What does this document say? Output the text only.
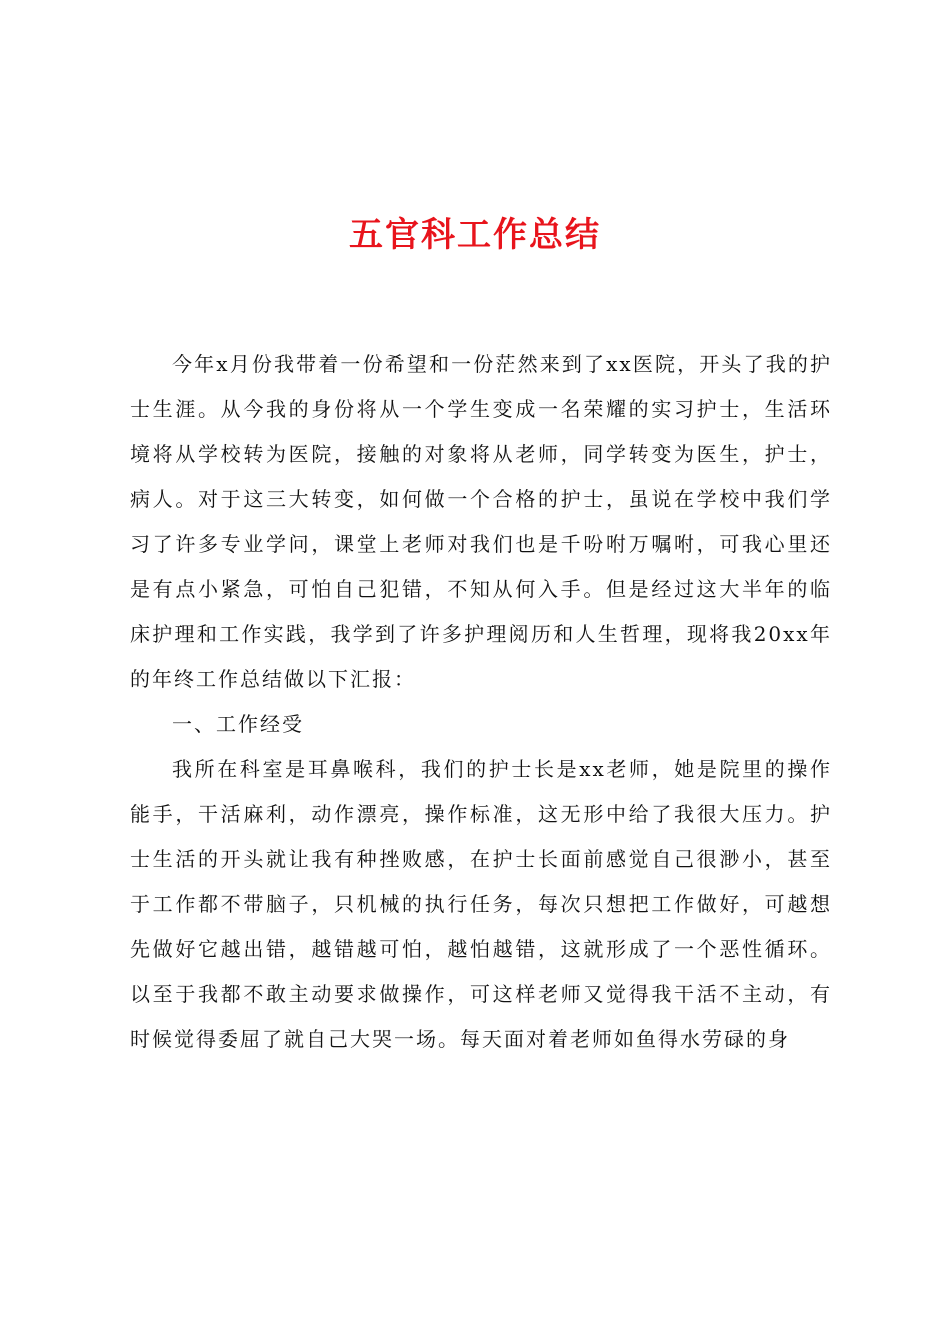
五官科工作总结

今年x月份我带着一份希望和一份茫然来到了xx医院，开头了我的护士生涯。从今我的身份将从一个学生变成一名荣耀的实习护士，生活环境将从学校转为医院，接触的对象将从老师，同学转变为医生，护士，病人。对于这三大转变，如何做一个合格的护士，虽说在学校中我们学习了许多专业学问，课堂上老师对我们也是千吩咐万嘱咐，可我心里还是有点小紧急，可怕自己犯错，不知从何入手。但是经过这大半年的临床护理和工作实践，我学到了许多护理阅历和人生哲理，现将我20xx年的年终工作总结做以下汇报：

一、工作经受

我所在科室是耳鼻喉科，我们的护士长是xx老师，她是院里的操作能手，干活麻利，动作漂亮，操作标准，这无形中给了我很大压力。护士生活的开头就让我有种挫败感，在护士长面前感觉自己很渺小，甚至于工作都不带脑子，只机械的执行任务，每次只想把工作做好，可越想先做好它越出错，越错越可怕，越怕越错，这就形成了一个恶性循环。以至于我都不敢主动要求做操作，可这样老师又觉得我干活不主动，有时候觉得委屈了就自己大哭一场。每天面对着老师如鱼得水劳碌的身
